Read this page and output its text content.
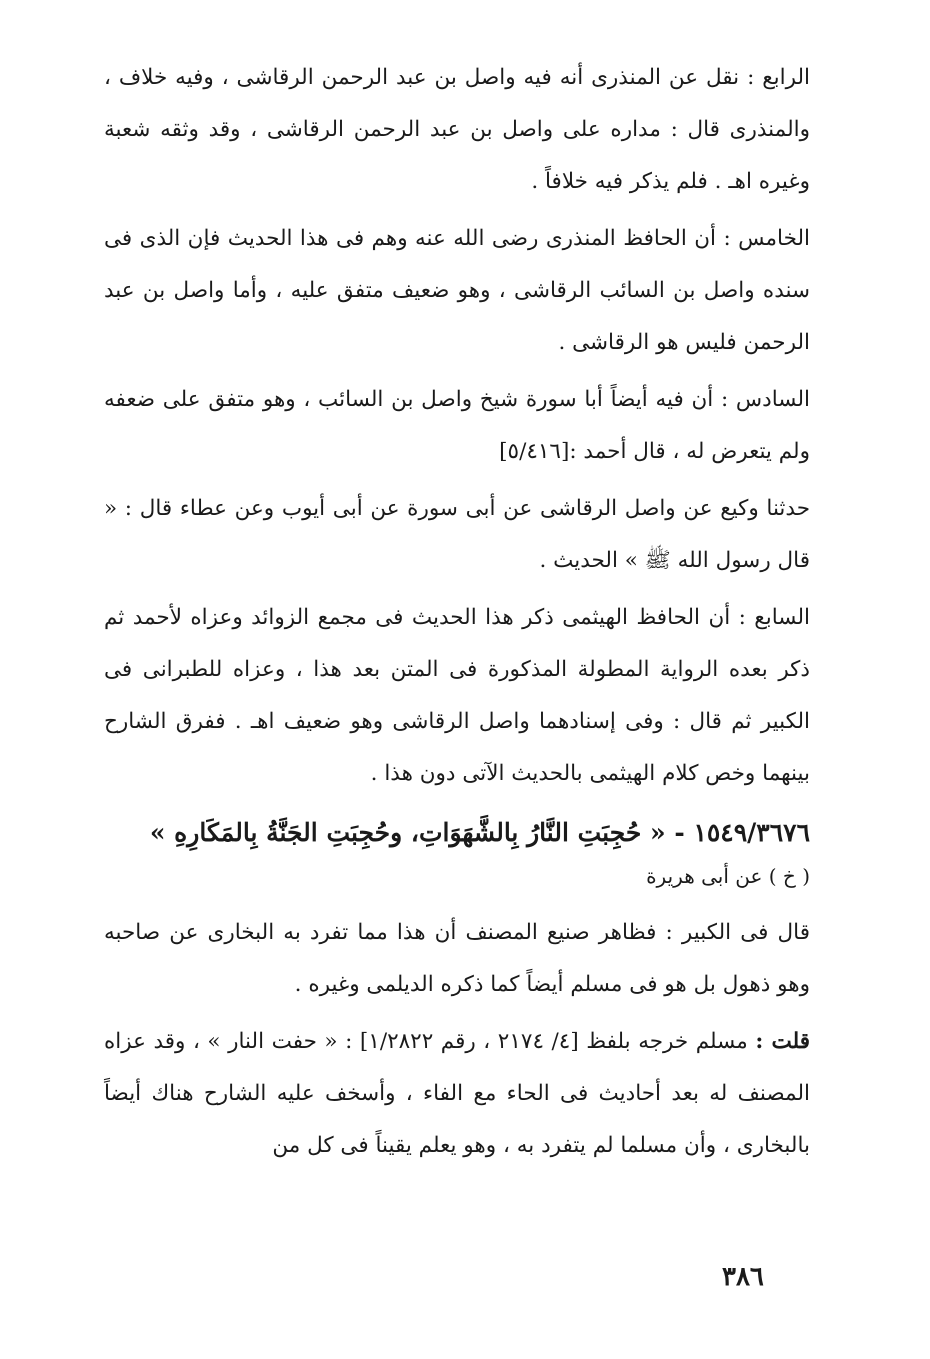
الرابع : نقل عن المنذرى أنه فيه واصل بن عبد الرحمن الرقاشى ، وفيه خلاف ، والمنذرى قال : مداره على واصل بن عبد الرحمن الرقاشى ، وقد وثقه شعبة وغيره اهـ . فلم يذكر فيه خلافاً .

الخامس : أن الحافظ المنذرى رضى الله عنه وهم فى هذا الحديث فإن الذى فى سنده واصل بن السائب الرقاشى ، وهو ضعيف متفق عليه ، وأما واصل بن عبد الرحمن فليس هو الرقاشى .

السادس : أن فيه أيضاً أبا سورة شيخ واصل بن السائب ، وهو متفق على ضعفه ولم يتعرض له ، قال أحمد :[٥/٤١٦]

حدثنا وكيع عن واصل الرقاشى عن أبى سورة عن أبى أيوب وعن عطاء قال : « قال رسول الله ﷺ » الحديث .

السابع : أن الحافظ الهيثمى ذكر هذا الحديث فى مجمع الزوائد وعزاه لأحمد ثم ذكر بعده الرواية المطولة المذكورة فى المتن بعد هذا ، وعزاه للطبرانى فى الكبير ثم قال : وفى إسنادهما واصل الرقاشى وهو ضعيف اهـ . ففرق الشارح بينهما وخص كلام الهيثمى بالحديث الآتى دون هذا .

١٥٤٩/٣٦٧٦ - « حُجِبَتِ النَّارُ بِالشَّهَوَاتِ، وحُجِبَتِ الجَنَّةُ بِالمَكَارِهِ »
( خ ) عن أبى هريرة

قال فى الكبير : فظاهر صنيع المصنف أن هذا مما تفرد به البخارى عن صاحبه وهو ذهول بل هو فى مسلم أيضاً كما ذكره الديلمى وغيره .

قلت : مسلم خرجه بلفظ [٤/ ٢١٧٤ ، رقم ١/٢٨٢٢] : « حفت النار » ، وقد عزاه المصنف له بعد أحاديث فى الحاء مع الفاء ، وأسخف عليه الشارح هناك أيضاً بالبخارى ، وأن مسلما لم يتفرد به ، وهو يعلم يقيناً فى كل من

٣٨٦
